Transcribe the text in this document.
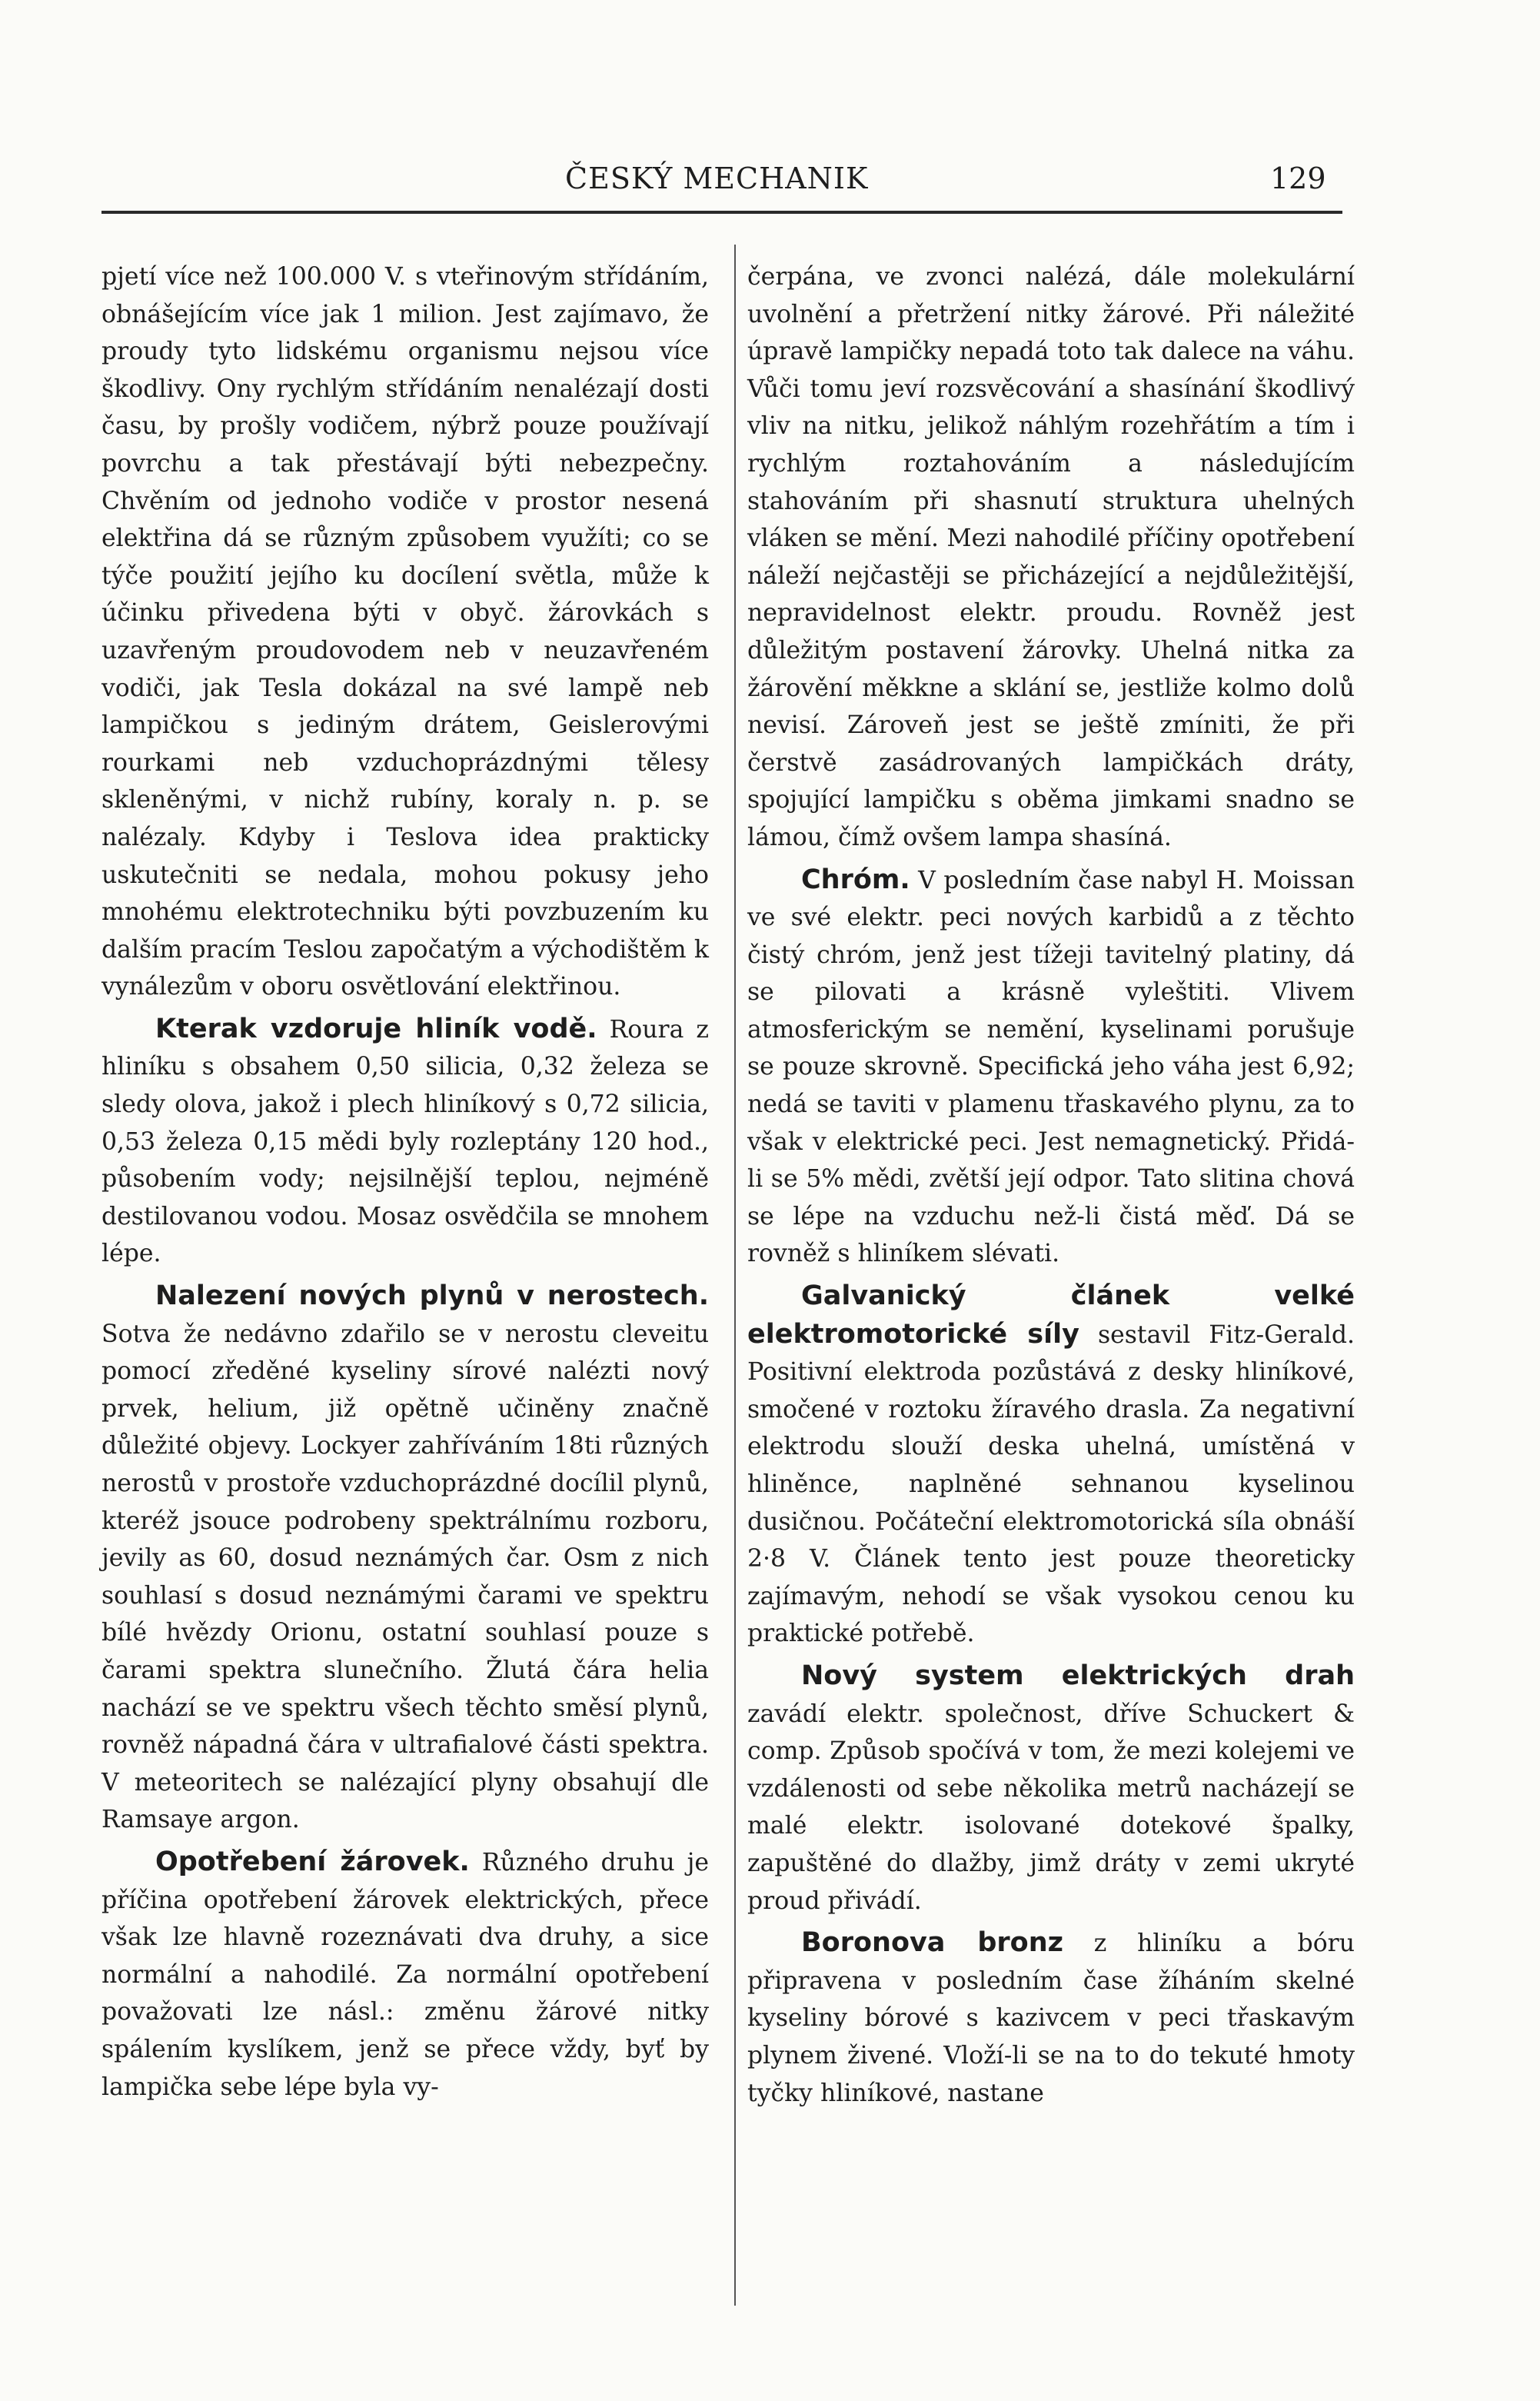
ČESKÝ MECHANIK	129

pjetí více než 100.000 V. s vteřinovým střídáním, obnášejícím více jak 1 milion. Jest zajímavo, že proudy tyto lidskému organismu nejsou více škodlivy. Ony rychlým střídáním nenalézají dosti času, by prošly vodičem, nýbrž pouze používají povrchu a tak přestávají býti nebezpečny. Chvěním od jednoho vodiče v prostor nesená elektřina dá se různým způsobem využíti; co se týče použití jejího ku docílení světla, může k účinku přivedena býti v obyč. žárovkách s uzavřeným proudovodem neb v neuzavřeném vodiči, jak Tesla dokázal na své lampě neb lampičkou s jediným drátem, Geislerovými rourkami neb vzduchoprázdnými tělesy skleněnými, v nichž rubíny, koraly n. p. se nalézaly. Kdyby i Teslova idea prakticky uskutečniti se nedala, mohou pokusy jeho mnohému elektrotechniku býti povzbuzením ku dalším pracím Teslou započatým a východištěm k vynálezům v oboru osvětlování elektřinou.

Kterak vzdoruje hliník vodě. Roura z hliníku s obsahem 0,50 silicia, 0,32 železa se sledy olova, jakož i plech hliníkový s 0,72 silicia, 0,53 železa 0,15 mědi byly rozleptány 120 hod., působením vody; nejsilnější teplou, nejméně destilovanou vodou. Mosaz osvědčila se mnohem lépe.

Nalezení nových plynů v nerostech. Sotva že nedávno zdařilo se v nerostu cleveitu pomocí zředěné kyseliny sírové nalézti nový prvek, helium, již opětně učiněny značně důležité objevy. Lockyer zahříváním 18ti různých nerostů v prostoře vzduchoprázdné docílil plynů, kteréž jsouce podrobeny spektrálnímu rozboru, jevily as 60, dosud neznámých čar. Osm z nich souhlasí s dosud neznámými čarami ve spektru bílé hvězdy Orionu, ostatní souhlasí pouze s čarami spektra slunečního. Žlutá čára helia nachází se ve spektru všech těchto směsí plynů, rovněž nápadná čára v ultrafialové části spektra. V meteoritech se nalézající plyny obsahují dle Ramsaye argon.

Opotřebení žárovek. Různého druhu je příčina opotřebení žárovek elektrických, přece však lze hlavně rozeznávati dva druhy, a sice normální a nahodilé. Za normální opotřebení považovati lze násl.: změnu žárové nitky spálením kyslíkem, jenž se přece vždy, byť by lampička sebe lépe byla vy-

čerpána, ve zvonci nalézá, dále molekulární uvolnění a přetržení nitky žárové. Při náležité úpravě lampičky nepadá toto tak dalece na váhu. Vůči tomu jeví rozsvěcování a shasínání škodlivý vliv na nitku, jelikož náhlým rozehřátím a tím i rychlým roztahováním a následujícím stahováním při shasnutí struktura uhelných vláken se mění. Mezi nahodilé příčiny opotřebení náleží nejčastěji se přicházející a nejdůležitější, nepravidelnost elektr. proudu. Rovněž jest důležitým postavení žárovky. Uhelná nitka za žárovění měkkne a sklání se, jestliže kolmo dolů nevisí. Zároveň jest se ještě zmíniti, že při čerstvě zasádrovaných lampičkách dráty, spojující lampičku s oběma jimkami snadno se lámou, čímž ovšem lampa shasíná.

Chróm. V posledním čase nabyl H. Moissan ve své elektr. peci nových karbidů a z těchto čistý chróm, jenž jest tížeji tavitelný platiny, dá se pilovati a krásně vyleštiti. Vlivem atmosferickým se nemění, kyselinami porušuje se pouze skrovně. Specifická jeho váha jest 6,92; nedá se taviti v plamenu třaskavého plynu, za to však v elektrické peci. Jest nemagnetický. Přidá-li se 5% mědi, zvětší její odpor. Tato slitina chová se lépe na vzduchu než-li čistá měď. Dá se rovněž s hliníkem slévati.

Galvanický článek velké elektromotorické síly sestavil Fitz-Gerald. Positivní elektroda pozůstává z desky hliníkové, smočené v roztoku žíravého draslа. Za negativní elektrodu slouží deska uhelná, umístěná v hliněnce, naplněné sehnanou kyselinou dusičnou. Počáteční elektromotorická síla obnáší 2·8 V. Článek tento jest pouze theoreticky zajímavým, nehodí se však vysokou cenou ku praktické potřebě.

Nový system elektrických drah zavádí elektr. společnost, dříve Schuckert & comp. Způsob spočívá v tom, že mezi kolejemi ve vzdálenosti od sebe několika metrů nacházejí se malé elektr. isolované dotekové špalky, zapuštěné do dlažby, jimž dráty v zemi ukryté proud přivádí.

Boronova bronz z hliníku a bóru připravena v posledním čase žíháním skelné kyseliny bórové s kazivcem v peci třaskavým plynem živené. Vloží-li se na to do tekuté hmoty tyčky hliníkové, nastane
